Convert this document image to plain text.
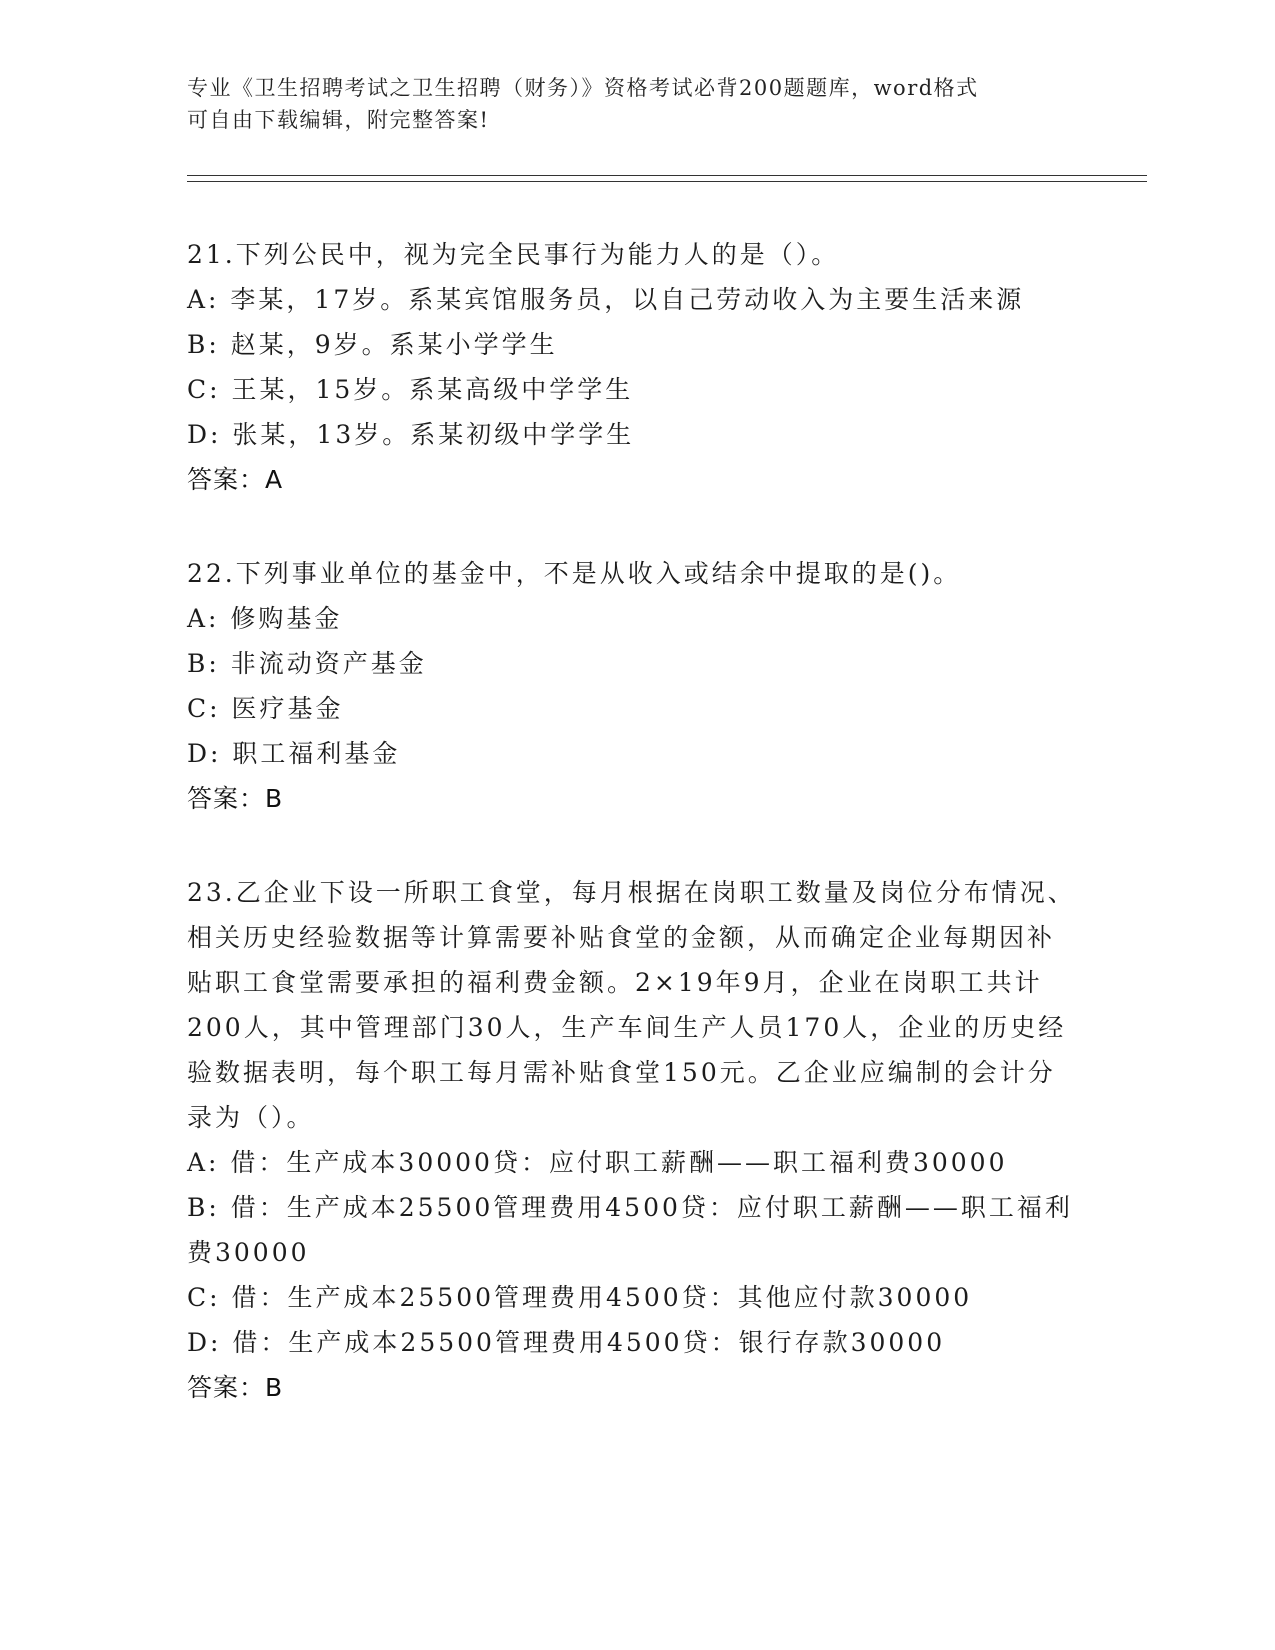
专业《卫生招聘考试之卫生招聘（财务）》资格考试必背200题题库，word格式
可自由下载编辑，附完整答案!

21.下列公民中，视为完全民事行为能力人的是（）。

A: 李某，17岁。系某宾馆服务员，以自己劳动收入为主要生活来源

B: 赵某，9岁。系某小学学生

C: 王某，15岁。系某高级中学学生

D: 张某，13岁。系某初级中学学生

答案：A

22.下列事业单位的基金中，不是从收入或结余中提取的是()。

A: 修购基金

B: 非流动资产基金

C: 医疗基金

D: 职工福利基金

答案：B

23.乙企业下设一所职工食堂，每月根据在岗职工数量及岗位分布情况、相关历史经验数据等计算需要补贴食堂的金额，从而确定企业每期因补贴职工食堂需要承担的福利费金额。2×19年9月，企业在岗职工共计200人，其中管理部门30人，生产车间生产人员170人，企业的历史经验数据表明，每个职工每月需补贴食堂150元。乙企业应编制的会计分录为（）。

A: 借：生产成本30000贷：应付职工薪酬——职工福利费30000

B: 借：生产成本25500管理费用4500贷：应付职工薪酬——职工福利费30000

C: 借：生产成本25500管理费用4500贷：其他应付款30000

D: 借：生产成本25500管理费用4500贷：银行存款30000

答案：B
